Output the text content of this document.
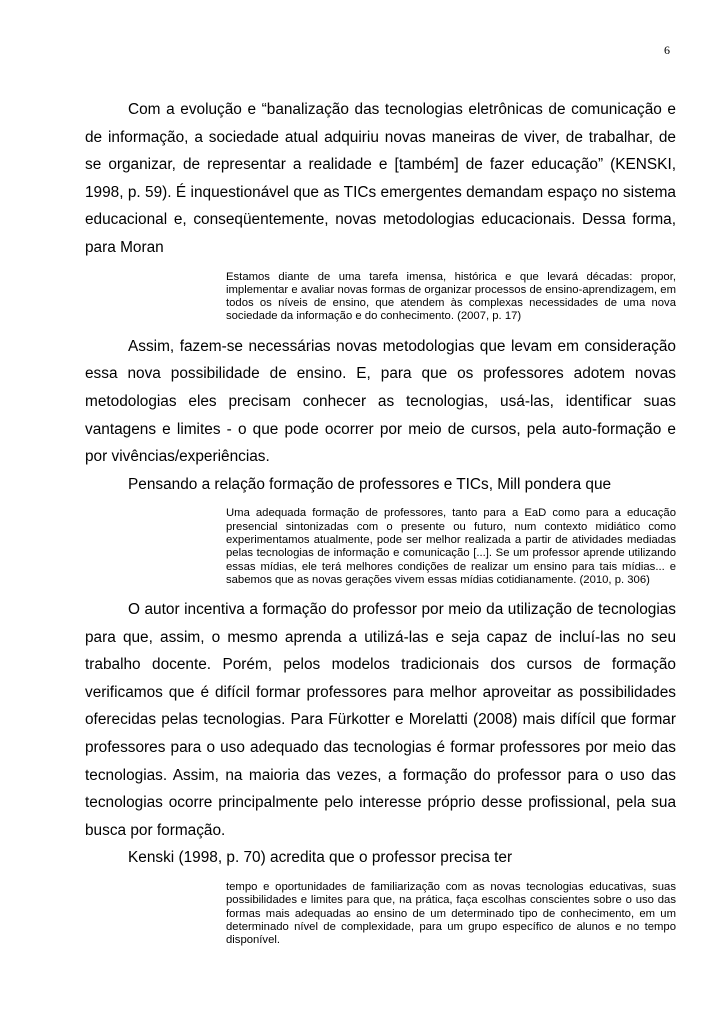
6

Com a evolução e “banalização das tecnologias eletrônicas de comunicação e de informação, a sociedade atual adquiriu novas maneiras de viver, de trabalhar, de se organizar, de representar a realidade e [também] de fazer educação” (KENSKI, 1998, p. 59). É inquestionável que as TICs emergentes demandam espaço no sistema educacional e, conseqüentemente, novas metodologias educacionais. Dessa forma, para Moran

Estamos diante de uma tarefa imensa, histórica e que levará décadas: propor, implementar e avaliar novas formas de organizar processos de ensino-aprendizagem, em todos os níveis de ensino, que atendem às complexas necessidades de uma nova sociedade da informação e do conhecimento. (2007, p. 17)

Assim, fazem-se necessárias novas metodologias que levam em consideração essa nova possibilidade de ensino. E, para que os professores adotem novas metodologias eles precisam conhecer as tecnologias, usá-las, identificar suas vantagens e limites - o que pode ocorrer por meio de cursos, pela auto-formação e por vivências/experiências.

Pensando a relação formação de professores e TICs, Mill pondera que

Uma adequada formação de professores, tanto para a EaD como para a educação presencial sintonizadas com o presente ou futuro, num contexto midiático como experimentamos atualmente, pode ser melhor realizada a partir de atividades mediadas pelas tecnologias de informação e comunicação [...]. Se um professor aprende utilizando essas mídias, ele terá melhores condições de realizar um ensino para tais mídias... e sabemos que as novas gerações vivem essas mídias cotidianamente. (2010, p. 306)

O autor incentiva a formação do professor por meio da utilização de tecnologias para que, assim, o mesmo aprenda a utilizá-las e seja capaz de incluí-las no seu trabalho docente. Porém, pelos modelos tradicionais dos cursos de formação verificamos que é difícil formar professores para melhor aproveitar as possibilidades oferecidas pelas tecnologias. Para Fürkotter e Morelatti (2008) mais difícil que formar professores para o uso adequado das tecnologias é formar professores por meio das tecnologias. Assim, na maioria das vezes, a formação do professor para o uso das tecnologias ocorre principalmente pelo interesse próprio desse profissional, pela sua busca por formação.

Kenski (1998, p. 70) acredita que o professor precisa ter

tempo e oportunidades de familiarização com as novas tecnologias educativas, suas possibilidades e limites para que, na prática, faça escolhas conscientes sobre o uso das formas mais adequadas ao ensino de um determinado tipo de conhecimento, em um determinado nível de complexidade, para um grupo específico de alunos e no tempo disponível.
